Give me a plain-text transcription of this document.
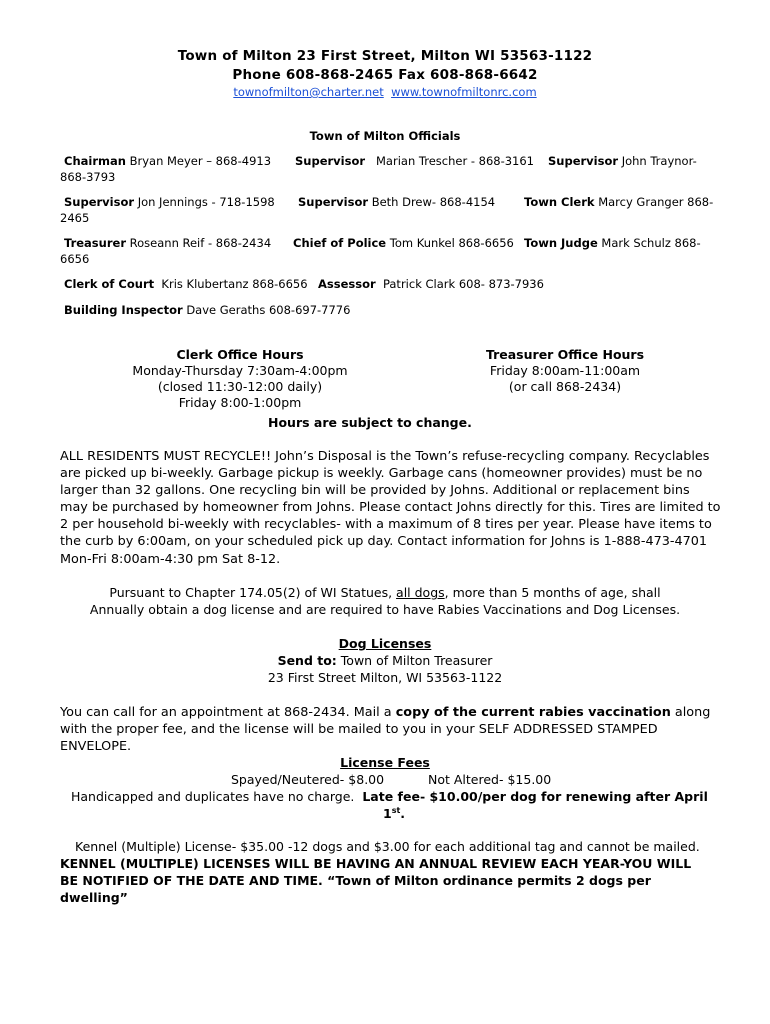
Town of Milton 23 First Street, Milton WI 53563-1122
Phone 608-868-2465 Fax 608-868-6642
townofmilton@charter.net www.townofmiltonrc.com
Town of Milton Officials
Chairman Bryan Meyer – 868-4913 Supervisor Marian Trescher - 868-3161 Supervisor John Traynor-
868-3793
Supervisor Jon Jennings - 718-1598 Supervisor Beth Drew- 868-4154	Town Clerk Marcy Granger 868-
2465
Treasurer Roseann Reif - 868-2434 Chief of Police Tom Kunkel 868-6656 Town Judge Mark Schulz 868-
6656
Clerk of Court Kris Klubertanz 868-6656 Assessor Patrick Clark 608- 873-7936
Building Inspector Dave Geraths 608-697-7776
Clerk Office Hours
Monday-Thursday 7:30am-4:00pm
(closed 11:30-12:00 daily)
Friday 8:00-1:00pm
Treasurer Office Hours
Friday 8:00am-11:00am
(or call 868-2434)
Hours are subject to change.
ALL RESIDENTS MUST RECYCLE!! John’s Disposal is the Town’s refuse-recycling company. Recyclables
are picked up bi-weekly. Garbage pickup is weekly. Garbage cans (homeowner provides) must be no
larger than 32 gallons. One recycling bin will be provided by Johns. Additional or replacement bins
may be purchased by homeowner from Johns. Please contact Johns directly for this. Tires are limited to
2 per household bi-weekly with recyclables- with a maximum of 8 tires per year. Please have items to
the curb by 6:00am, on your scheduled pick up day. Contact information for Johns is 1-888-473-4701
Mon-Fri 8:00am-4:30 pm Sat 8-12.
Pursuant to Chapter 174.05(2) of WI Statues, all dogs, more than 5 months of age, shall
Annually obtain a dog license and are required to have Rabies Vaccinations and Dog Licenses.
Dog Licenses
Send to: Town of Milton Treasurer
23 First Street Milton, WI 53563-1122
You can call for an appointment at 868-2434. Mail a copy of the current rabies vaccination along
with the proper fee, and the license will be mailed to you in your SELF ADDRESSED STAMPED
ENVELOPE.
License Fees
Spayed/Neutered- $8.00	Not Altered- $15.00
Handicapped and duplicates have no charge. Late fee- $10.00/per dog for renewing after April
1st.
Kennel (Multiple) License- $35.00 -12 dogs and $3.00 for each additional tag and cannot be mailed.
KENNEL (MULTIPLE) LICENSES WILL BE HAVING AN ANNUAL REVIEW EACH YEAR-YOU WILL
BE NOTIFIED OF THE DATE AND TIME. “Town of Milton ordinance permits 2 dogs per
dwelling”
